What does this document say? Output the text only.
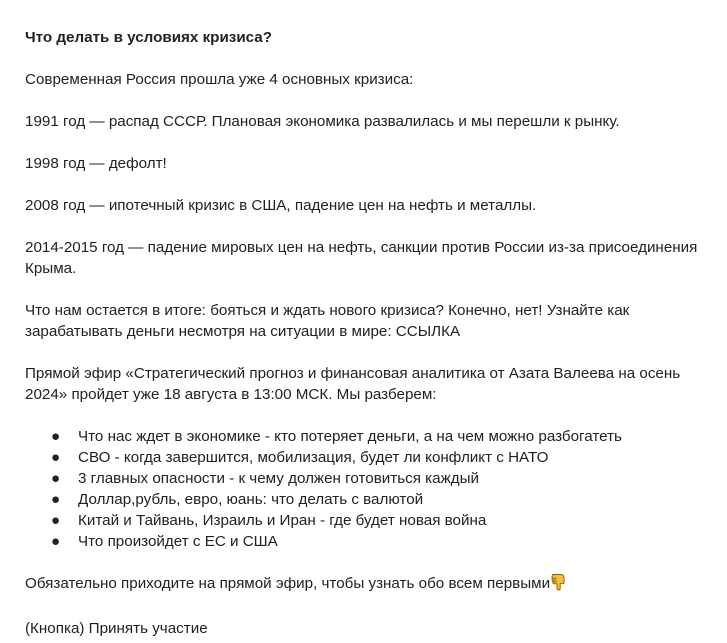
Что делать в условиях кризиса?

Современная Россия прошла уже 4 основных кризиса:

1991 год — распад СССР. Плановая экономика развалилась и мы перешли к рынку.

1998 год — дефолт!

2008 год — ипотечный кризис в США, падение цен на нефть и металлы.

2014-2015 год — падение мировых цен на нефть, санкции против России из-за присоединения Крыма.

Что нам остается в итоге: бояться и ждать нового кризиса? Конечно, нет! Узнайте как зарабатывать деньги несмотря на ситуации в мире: ССЫЛКА

Прямой эфир «Стратегический прогноз и финансовая аналитика от Азата Валеева на осень 2024» пройдет уже 18 августа в 13:00 МСК. Мы разберем:

● Что нас ждет в экономике - кто потеряет деньги, а на чем можно разбогатеть
● СВО - когда завершится, мобилизация, будет ли конфликт с НАТО
● 3 главных опасности - к чему должен готовиться каждый
● Доллар,рубль, евро, юань: что делать с валютой
● Китай и Тайвань, Израиль и Иран - где будет новая война
● Что произойдет с ЕС и США

Обязательно приходите на прямой эфир, чтобы узнать обо всем первыми

(Кнопка) Принять участие
